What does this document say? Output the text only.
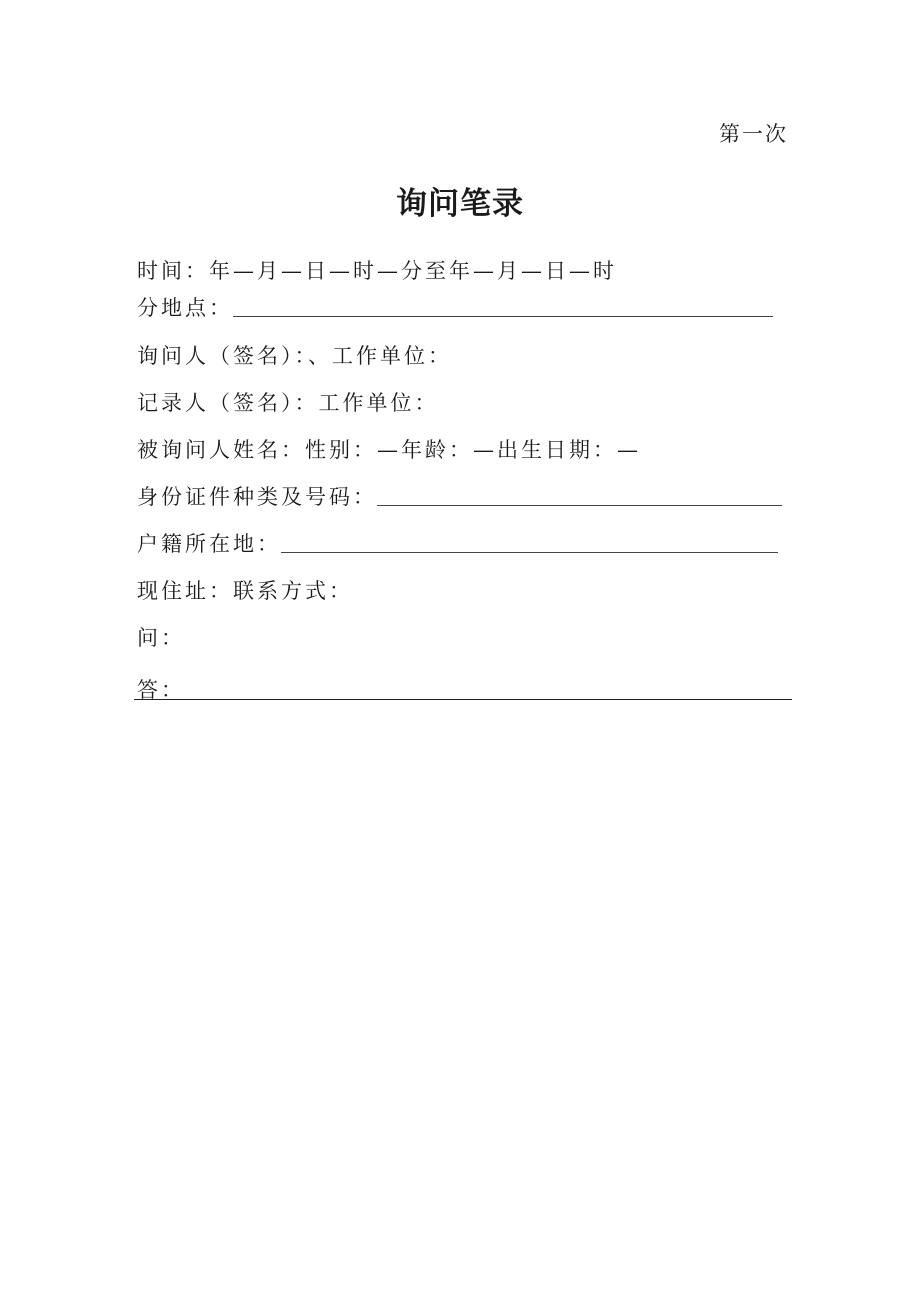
第一次
询问笔录
时间：年—月—日—时—分至年—月—日—时
分地点：
询问人（签名）：、工作单位：
记录人（签名）：工作单位：
被询问人姓名：性别：—年龄：—出生日期：—
身份证件种类及号码：
户籍所在地：
现住址：联系方式：
问：
答：
